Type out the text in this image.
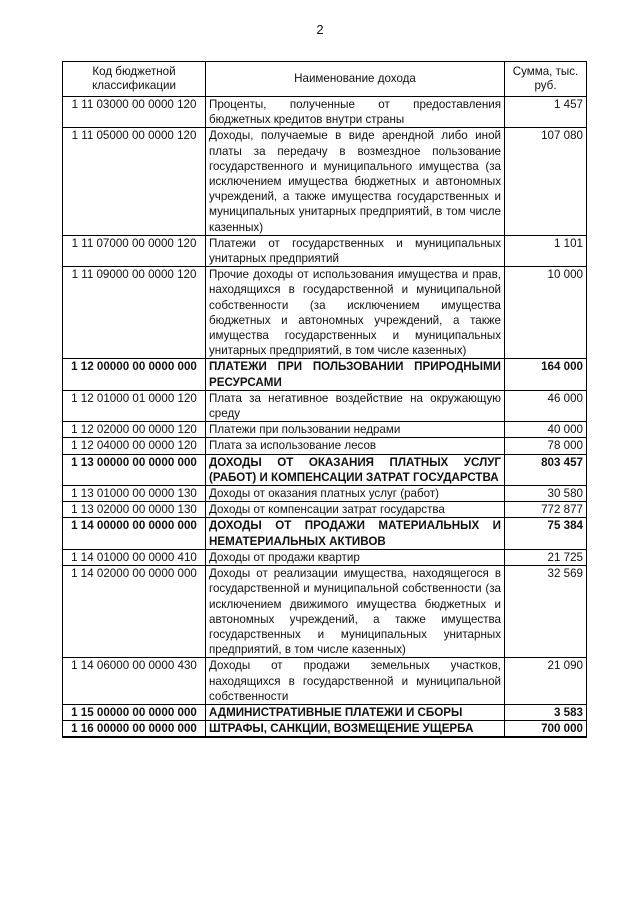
2
Код бюджетной классификации	Наименование дохода	Сумма, тыс. руб.
1 11 03000 00 0000 120	Проценты, полученные от предоставления бюджетных кредитов внутри страны	1 457
1 11 05000 00 0000 120	Доходы, получаемые в виде арендной либо иной платы за передачу в возмездное пользование государственного и муниципального имущества (за исключением имущества бюджетных и автономных учреждений, а также имущества государственных и муниципальных унитарных предприятий, в том числе казенных)	107 080
1 11 07000 00 0000 120	Платежи от государственных и муниципальных унитарных предприятий	1 101
1 11 09000 00 0000 120	Прочие доходы от использования имущества и прав, находящихся в государственной и муниципальной собственности (за исключением имущества бюджетных и автономных учреждений, а также имущества государственных и муниципальных унитарных предприятий, в том числе казенных)	10 000
1 12 00000 00 0000 000	ПЛАТЕЖИ ПРИ ПОЛЬЗОВАНИИ ПРИРОДНЫМИ РЕСУРСАМИ	164 000
1 12 01000 01 0000 120	Плата за негативное воздействие на окружающую среду	46 000
1 12 02000 00 0000 120	Платежи при пользовании недрами	40 000
1 12 04000 00 0000 120	Плата за использование лесов	78 000
1 13 00000 00 0000 000	ДОХОДЫ ОТ ОКАЗАНИЯ ПЛАТНЫХ УСЛУГ (РАБОТ) И КОМПЕНСАЦИИ ЗАТРАТ ГОСУДАРСТВА	803 457
1 13 01000 00 0000 130	Доходы от оказания платных услуг (работ)	30 580
1 13 02000 00 0000 130	Доходы от компенсации затрат государства	772 877
1 14 00000 00 0000 000	ДОХОДЫ ОТ ПРОДАЖИ МАТЕРИАЛЬНЫХ И НЕМАТЕРИАЛЬНЫХ АКТИВОВ	75 384
1 14 01000 00 0000 410	Доходы от продажи квартир	21 725
1 14 02000 00 0000 000	Доходы от реализации имущества, находящегося в государственной и муниципальной собственности (за исключением движимого имущества бюджетных и автономных учреждений, а также имущества государственных и муниципальных унитарных предприятий, в том числе казенных)	32 569
1 14 06000 00 0000 430	Доходы от продажи земельных участков, находящихся в государственной и муниципальной собственности	21 090
1 15 00000 00 0000 000	АДМИНИСТРАТИВНЫЕ ПЛАТЕЖИ И СБОРЫ	3 583
1 16 00000 00 0000 000	ШТРАФЫ, САНКЦИИ, ВОЗМЕЩЕНИЕ УЩЕРБА	700 000
